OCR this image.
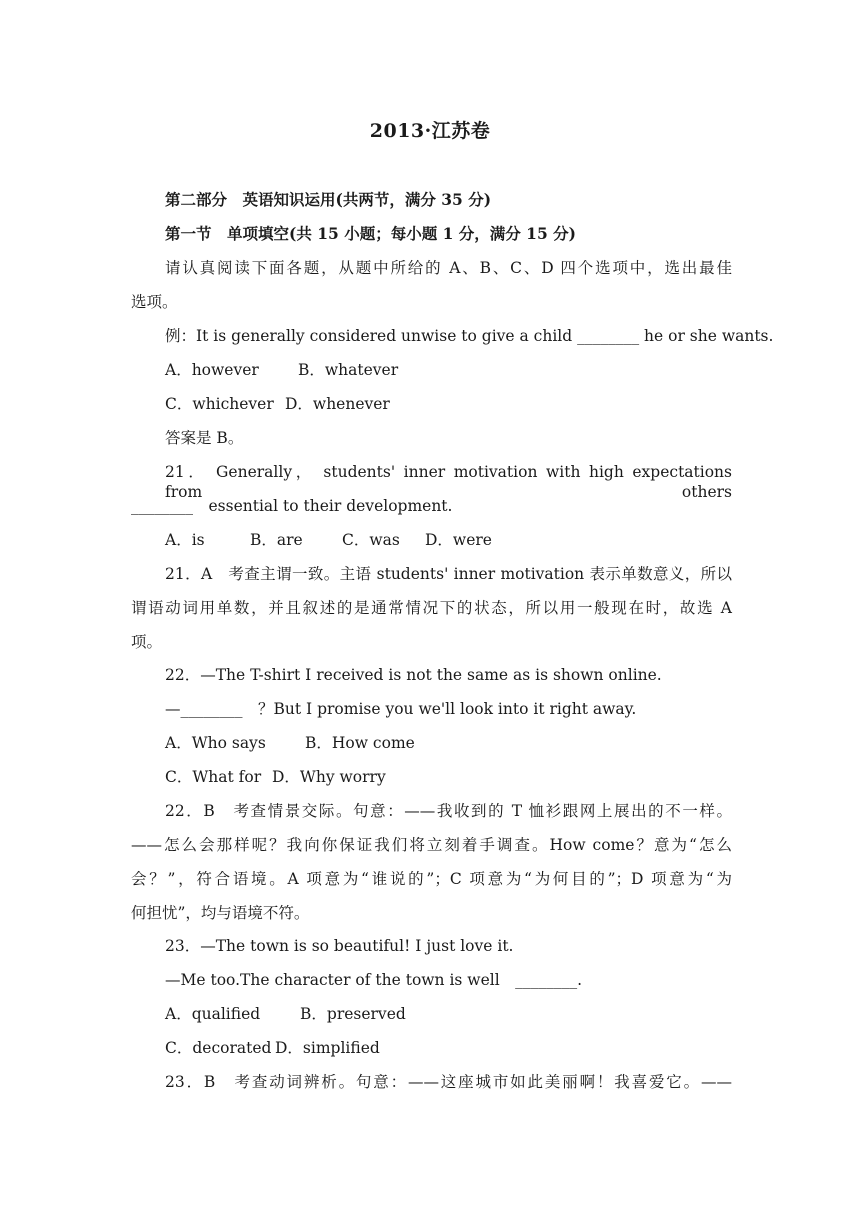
2013·江苏卷
第二部分　英语知识运用(共两节，满分 35 分)
第一节　单项填空(共 15 小题；每小题 1 分，满分 15 分)
请认真阅读下面各题，从题中所给的 A、B、C、D 四个选项中，选出最佳
选项。
例：It is generally considered unwise to give a child ________ he or she wants.
A．however	B．whatever
C．whichever D．whenever
答案是 B。
21． Generally， students' inner motivation with high expectations from others
________　essential to their development.
A．is	B．are	C．was D．were
21．A　考查主谓一致。主语 students' inner motivation 表示单数意义，所以
谓语动词用单数，并且叙述的是通常情况下的状态，所以用一般现在时，故选 A
项。
22．—The T-shirt I received is not the same as is shown online.
—________　？But I promise you we'll look into it right away.
A．Who says	B．How come
C．What for D．Why worry
22．B　考查情景交际。句意：——我收到的 T 恤衫跟网上展出的不一样。
——怎么会那样呢？我向你保证我们将立刻着手调查。How come？意为“怎么
会？”，符合语境。A 项意为“谁说的”；C 项意为“为何目的”；D 项意为“为
何担忧”，均与语境不符。
23．—The town is so beautiful! I just love it.
—Me too.The character of the town is well　________.
A．qualified	B．preserved
C．decorated D．simplified
23．B　考查动词辨析。句意：——这座城市如此美丽啊！我喜爱它。——
